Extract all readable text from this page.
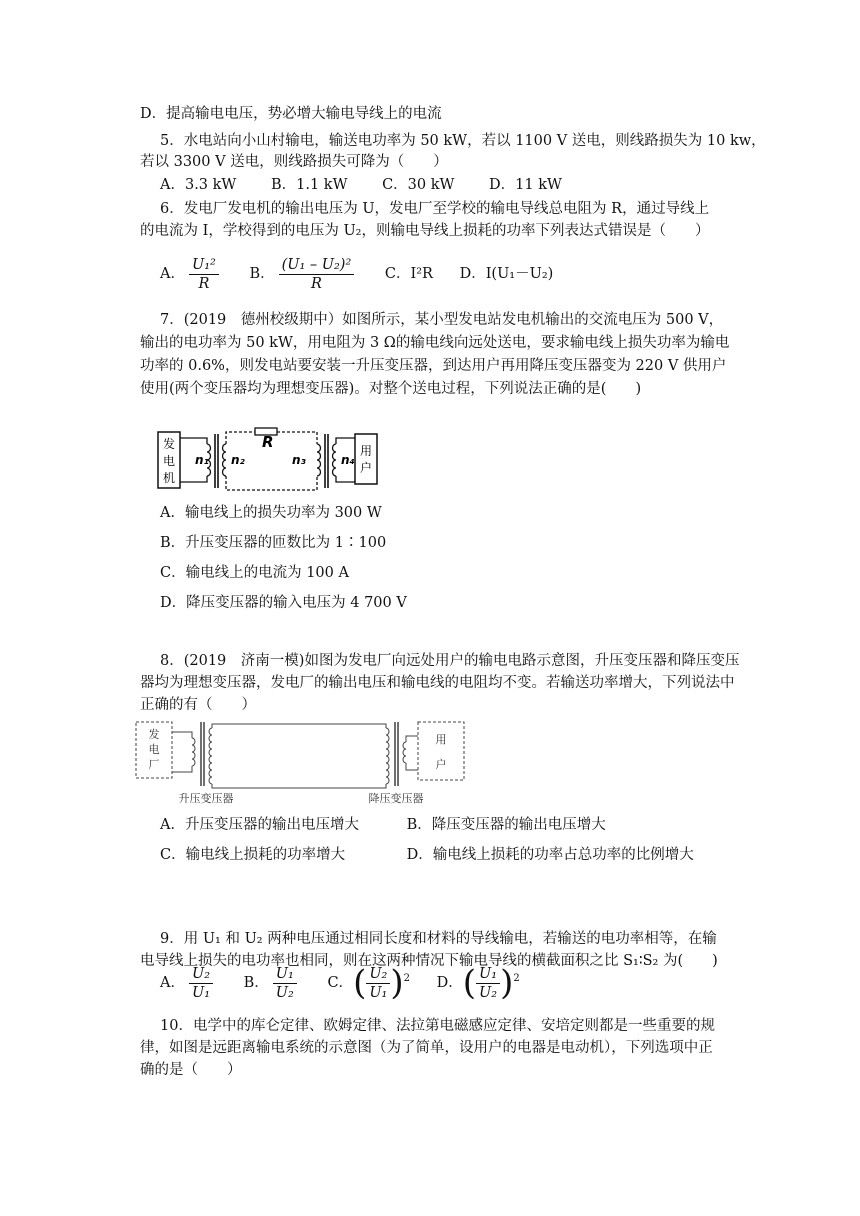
D．提高输电电压，势必增大输电导线上的电流
5．水电站向小山村输电，输送电功率为 50 kW，若以 1100 V 送电，则线路损失为 10 kw，
若以 3300 V 送电，则线路损失可降为（　　）
A．3.3 kW B．1.1 kW C．30 kW D．11 kW
6．发电厂发电机的输出电压为 U，发电厂至学校的输电导线总电阻为 R，通过导线上
的电流为 I，学校得到的电压为 U₂，则输电导线上损耗的功率下列表达式错误是（　　）
A． $\frac{\text{U₁²}}{R}$
B． $\frac{\text{(U₁ – U₂)²}}{R}$ C．I²R D．I(U₁－U₂)
7．(2019　德州校级期中）如图所示，某小型发电站发电机输出的交流电压为 500 V，
输出的电功率为 50 kW，用电阻为 3 Ω的输电线向远处送电，要求输电线上损失功率为输电
功率的 0.6%，则发电站要安装一升压变压器，到达用户再用降压变压器变为 220 V 供用户
使用(两个变压器均为理想变压器)。对整个送电过程，下列说法正确的是(　　)
发
电
机
n₁ n₂
R
n₃	n₄
用
户
A．输电线上的损失功率为 300 W
B．升压变压器的匝数比为 1∶100
C．输电线上的电流为 100 A
D．降压变压器的输入电压为 4 700 V
8．(2019　济南一模)如图为发电厂向远处用户的输电电路示意图，升压变压器和降压变压
器均为理想变压器，发电厂的输出电压和输电线的电阻均不变。若输送功率增大，下列说法中
正确的有（　　）
发
电
厂
用
户
升压变压器	降压变压器
A．升压变压器的输出电压增大	B．降压变压器的输出电压增大
C．输电线上损耗的功率增大	D．输电线上损耗的功率占总功率的比例增大
9．用 U₁ 和 U₂ 两种电压通过相同长度和材料的导线输电，若输送的电功率相等，在输
电导线上损失的电功率也相同，则在这两种情况下输电导线的横截面积之比 S₁∶S₂ 为(　　)
A． $\frac{\text{U₂}}{\text{U₁}}$
B． $\frac{\text{U₁}}{\text{U₂}}$
C． ( $\frac{\text{U₂}}{\text{U₁}}$ ) 2
D． ( $\frac{\text{U₁}}{\text{U₂}}$ ) 2
10．电学中的库仑定律、欧姆定律、法拉第电磁感应定律、安培定则都是一些重要的规
律，如图是远距离输电系统的示意图（为了简单，设用户的电器是电动机），下列选项中正
确的是（　　）
